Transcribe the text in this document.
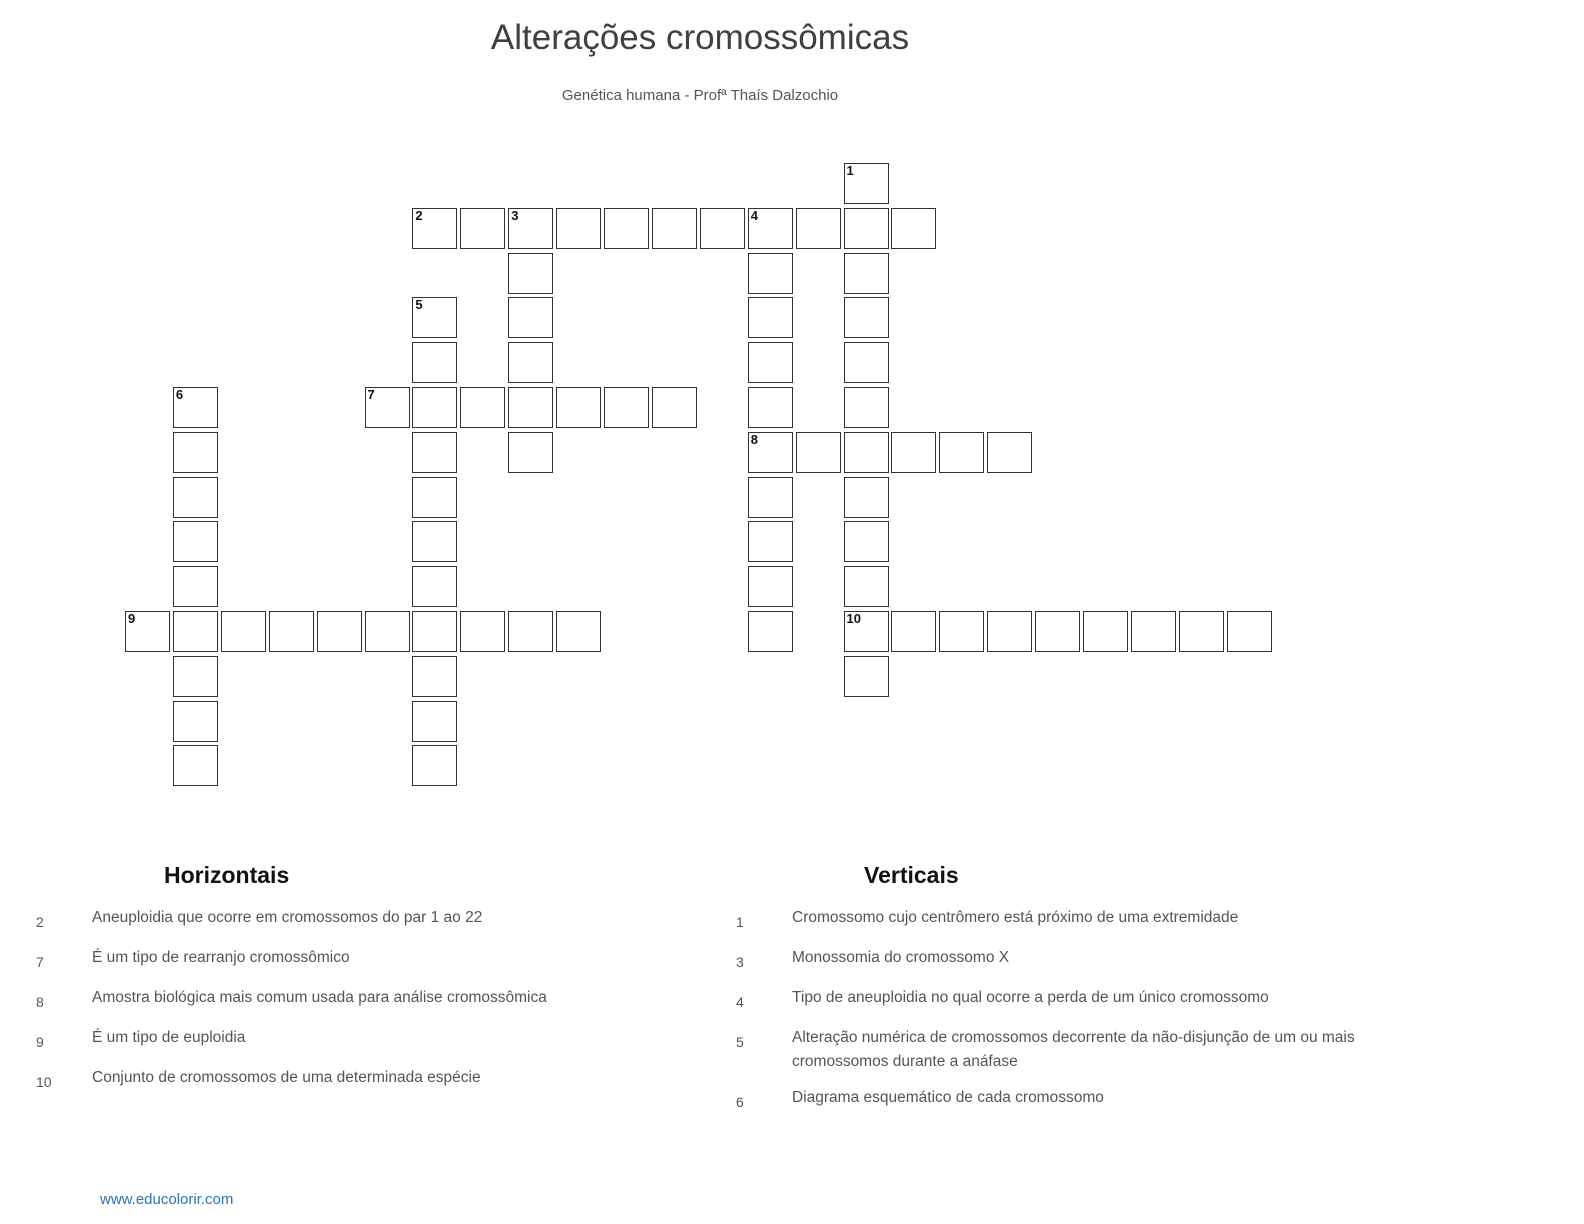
Alterações cromossômicas
Genética humana - Profª Thaís Dalzochio
1
10
2	3	4
8
5
6	7
9
Horizontais	Verticais
2	Aneuploidia que ocorre em cromossomos do par 1 ao 22
7	É um tipo de rearranjo cromossômico
8	Amostra biológica mais comum usada para análise cromossômica
9	É um tipo de euploidia
10	Conjunto de cromossomos de uma determinada espécie
1	Cromossomo cujo centrômero está próximo de uma extremidade
3	Monossomia do cromossomo X
4	Tipo de aneuploidia no qual ocorre a perda de um único cromossomo
5	Alteração numérica de cromossomos decorrente da não-disjunção de um ou mais cromossomos durante a anáfase
6	Diagrama esquemático de cada cromossomo
www.educolorir.com
